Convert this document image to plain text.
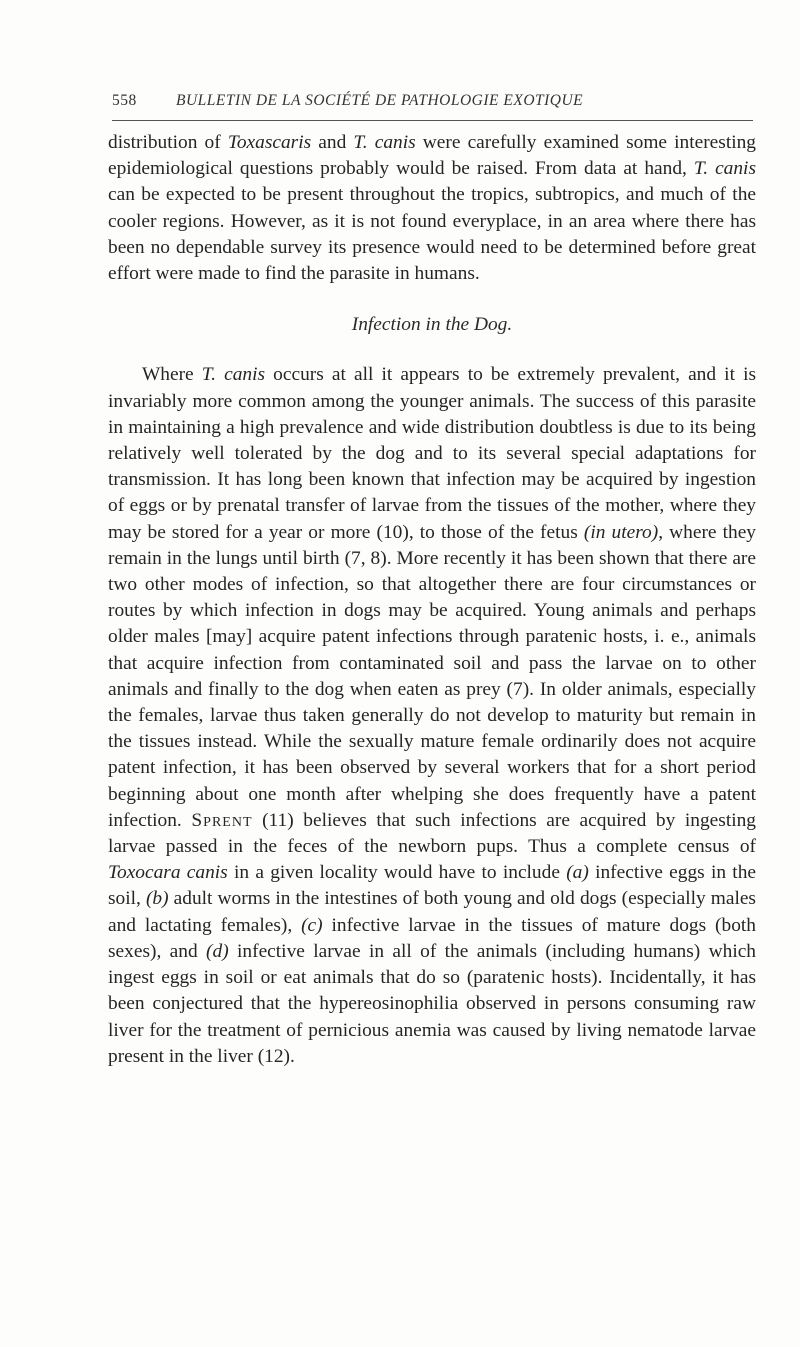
558	BULLETIN DE LA SOCIÉTÉ DE PATHOLOGIE EXOTIQUE

distribution of Toxascaris and T. canis were carefully examined some interesting epidemiological questions probably would be raised. From data at hand, T. canis can be expected to be present throughout the tropics, subtropics, and much of the cooler regions. However, as it is not found everyplace, in an area where there has been no dependable survey its presence would need to be determined before great effort were made to find the parasite in humans.

Infection in the Dog.

Where T. canis occurs at all it appears to be extremely prevalent, and it is invariably more common among the younger animals. The success of this parasite in maintaining a high prevalence and wide distribution doubtless is due to its being relatively well tolerated by the dog and to its several special adaptations for transmission. It has long been known that infection may be acquired by ingestion of eggs or by prenatal transfer of larvae from the tissues of the mother, where they may be stored for a year or more (10), to those of the fetus (in utero), where they remain in the lungs until birth (7, 8). More recently it has been shown that there are two other modes of infection, so that altogether there are four circumstances or routes by which infection in dogs may be acquired. Young animals and perhaps older males [may] acquire patent infections through paratenic hosts, i. e., animals that acquire infection from contaminated soil and pass the larvae on to other animals and finally to the dog when eaten as prey (7). In older animals, especially the females, larvae thus taken generally do not develop to maturity but remain in the tissues instead. While the sexually mature female ordinarily does not acquire patent infection, it has been observed by several workers that for a short period beginning about one month after whelping she does frequently have a patent infection. Sprent (11) believes that such infections are acquired by ingesting larvae passed in the feces of the newborn pups. Thus a complete census of Toxocara canis in a given locality would have to include (a) infective eggs in the soil, (b) adult worms in the intestines of both young and old dogs (especially males and lactating females), (c) infective larvae in the tissues of mature dogs (both sexes), and (d) infective larvae in all of the animals (including humans) which ingest eggs in soil or eat animals that do so (paratenic hosts). Incidentally, it has been conjectured that the hypereosinophilia observed in persons consuming raw liver for the treatment of pernicious anemia was caused by living nematode larvae present in the liver (12).
